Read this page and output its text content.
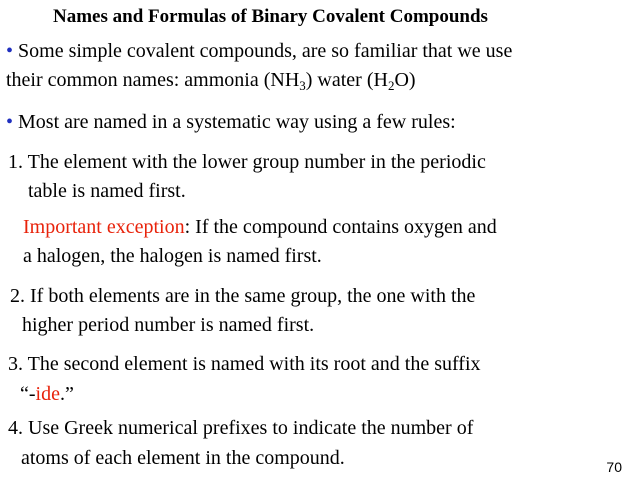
Names and Formulas of Binary Covalent Compounds
• Some simple covalent compounds, are so familiar that we use
their common names: ammonia $(NH_3)$ water $(H_2O)$
• Most are named in a systematic way using a few rules:
1. The element with the lower group number in the periodic
table is named first.
Important exception: If the compound contains oxygen and
a halogen, the halogen is named first.
2. If both elements are in the same group, the one with the
higher period number is named first.
3. The second element is named with its root and the suffix
“-ide.”
4. Use Greek numerical prefixes to indicate the number of
atoms of each element in the compound.	70
